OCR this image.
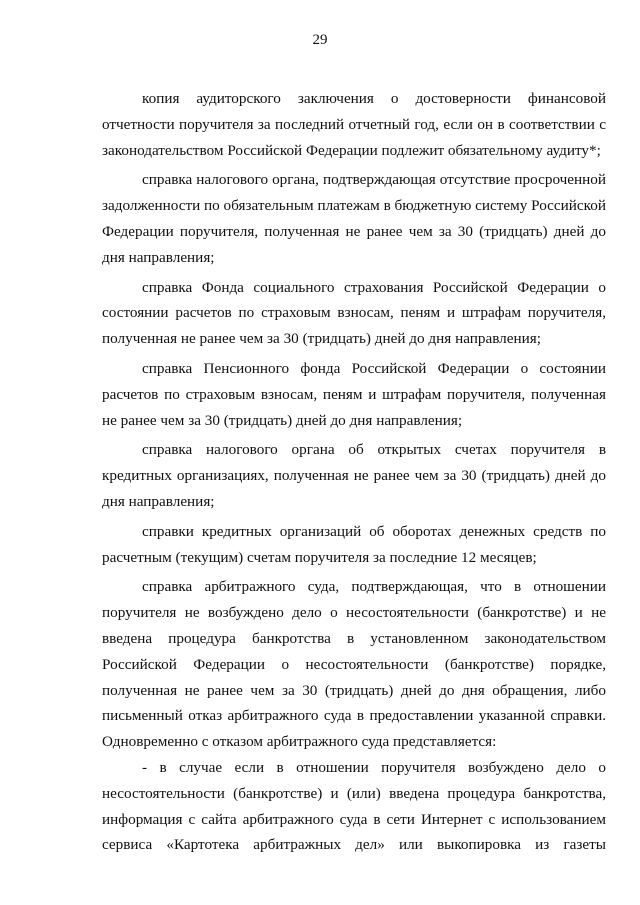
29

копия аудиторского заключения о достоверности финансовой отчетности поручителя за последний отчетный год, если он в соответствии с законодательством Российской Федерации подлежит обязательному аудиту*;

справка налогового органа, подтверждающая отсутствие просроченной задолженности по обязательным платежам в бюджетную систему Российской Федерации поручителя, полученная не ранее чем за 30 (тридцать) дней до дня направления;

справка Фонда социального страхования Российской Федерации о состоянии расчетов по страховым взносам, пеням и штрафам поручителя, полученная не ранее чем за 30 (тридцать) дней до дня направления;

справка Пенсионного фонда Российской Федерации о состоянии расчетов по страховым взносам, пеням и штрафам поручителя, полученная не ранее чем за 30 (тридцать) дней до дня направления;

справка налогового органа об открытых счетах поручителя в кредитных организациях, полученная не ранее чем за 30 (тридцать) дней до дня направления;

справки кредитных организаций об оборотах денежных средств по расчетным (текущим) счетам поручителя за последние 12 месяцев;

справка арбитражного суда, подтверждающая, что в отношении поручителя не возбуждено дело о несостоятельности (банкротстве) и не введена процедура банкротства в установленном законодательством Российской Федерации о несостоятельности (банкротстве) порядке, полученная не ранее чем за 30 (тридцать) дней до дня обращения, либо письменный отказ арбитражного суда в предоставлении указанной справки. Одновременно с отказом арбитражного суда представляется:

- в случае если в отношении поручителя возбуждено дело о несостоятельности (банкротстве) и (или) введена процедура банкротства, информация с сайта арбитражного суда в сети Интернет с использованием сервиса «Картотека арбитражных дел» или выкопировка из газеты
